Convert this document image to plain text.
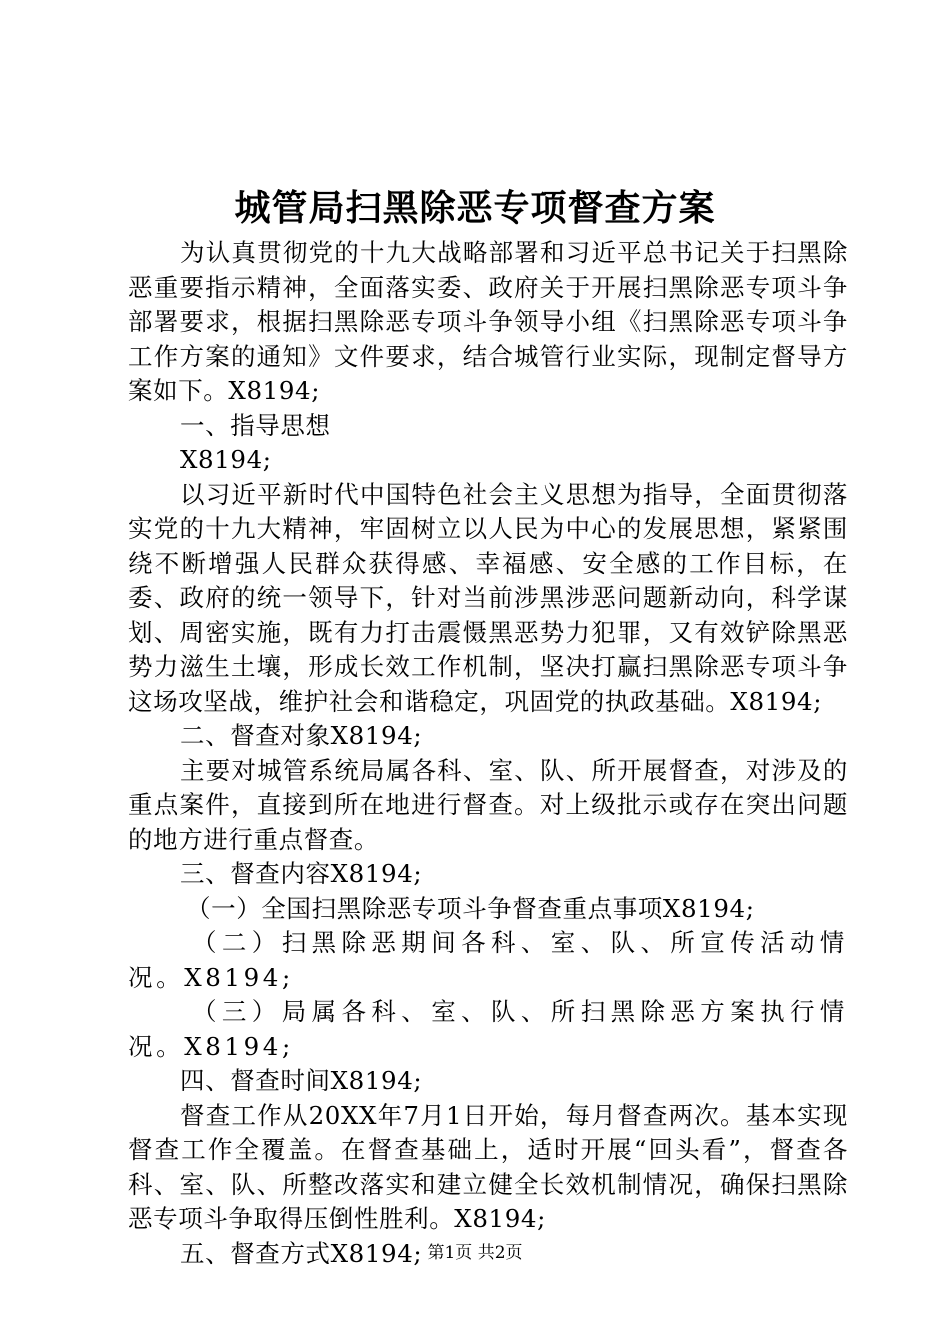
城管局扫黑除恶专项督查方案

为认真贯彻党的十九大战略部署和习近平总书记关于扫黑除恶重要指示精神，全面落实委、政府关于开展扫黑除恶专项斗争部署要求，根据扫黑除恶专项斗争领导小组《扫黑除恶专项斗争工作方案的通知》文件要求，结合城管行业实际，现制定督导方案如下。X8194;

一、指导思想

X8194;

以习近平新时代中国特色社会主义思想为指导，全面贯彻落实党的十九大精神，牢固树立以人民为中心的发展思想，紧紧围绕不断增强人民群众获得感、幸福感、安全感的工作目标，在委、政府的统一领导下，针对当前涉黑涉恶问题新动向，科学谋划、周密实施，既有力打击震慑黑恶势力犯罪，又有效铲除黑恶势力滋生土壤，形成长效工作机制，坚决打赢扫黑除恶专项斗争这场攻坚战，维护社会和谐稳定，巩固党的执政基础。X8194;

二、督查对象X8194;

主要对城管系统局属各科、室、队、所开展督查，对涉及的重点案件，直接到所在地进行督查。对上级批示或存在突出问题的地方进行重点督查。

三、督查内容X8194;

（一）全国扫黑除恶专项斗争督查重点事项X8194;

（二）扫黑除恶期间各科、室、队、所宣传活动情况。X8194;

（三）局属各科、室、队、所扫黑除恶方案执行情况。X8194;

四、督查时间X8194;

督查工作从20XX年7月1日开始，每月督查两次。基本实现督查工作全覆盖。在督查基础上，适时开展“回头看”，督查各科、室、队、所整改落实和建立健全长效机制情况，确保扫黑除恶专项斗争取得压倒性胜利。X8194;

五、督查方式X8194; 第1页 共2页
